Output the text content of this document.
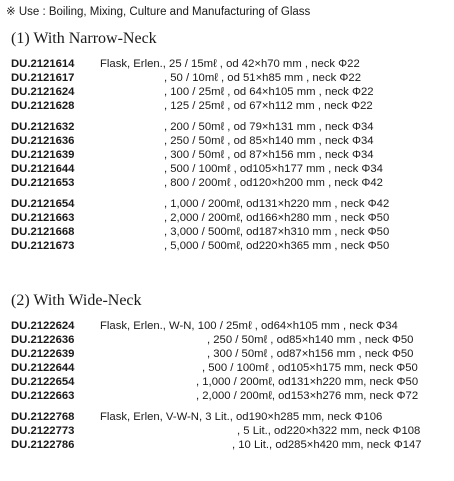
※ Use : Boiling, Mixing, Culture and Manufacturing of Glass
(1) With Narrow-Neck
DU.2121614 Flask, Erlen., 25 / 15mℓ , od 42×h70 mm , neck Φ22
DU.2121617	, 50 / 10mℓ , od 51×h85 mm , neck Φ22
DU.2121624	, 100 / 25mℓ , od 64×h105 mm , neck Φ22
DU.2121628	, 125 / 25mℓ , od 67×h112 mm , neck Φ22
DU.2121632	, 200 / 50mℓ , od 79×h131 mm , neck Φ34
DU.2121636	, 250 / 50mℓ , od 85×h140 mm , neck Φ34
DU.2121639	, 300 / 50mℓ , od 87×h156 mm , neck Φ34
DU.2121644	, 500 / 100mℓ , od105×h177 mm , neck Φ34
DU.2121653	, 800 / 200mℓ , od120×h200 mm , neck Φ42
DU.2121654	, 1,000 / 200mℓ, od131×h220 mm , neck Φ42
DU.2121663	, 2,000 / 200mℓ, od166×h280 mm , neck Φ50
DU.2121668	, 3,000 / 500mℓ, od187×h310 mm , neck Φ50
DU.2121673	, 5,000 / 500mℓ, od220×h365 mm , neck Φ50
(2) With Wide-Neck
DU.2122624 Flask, Erlen., W-N, 100 / 25mℓ , od64×h105 mm , neck Φ34
DU.2122636	, 250 / 50mℓ , od85×h140 mm , neck Φ50
DU.2122639	, 300 / 50mℓ , od87×h156 mm , neck Φ50
DU.2122644	, 500 / 100mℓ , od105×h175 mm, neck Φ50
DU.2122654	, 1,000 / 200mℓ, od131×h220 mm, neck Φ50
DU.2122663	, 2,000 / 200mℓ, od153×h276 mm, neck Φ72
DU.2122768 Flask, Erlen, V-W-N, 3 Lit., od190×h285 mm, neck Φ106
DU.2122773	, 5 Lit., od220×h322 mm, neck Φ108
DU.2122786	, 10 Lit., od285×h420 mm, neck Φ147
